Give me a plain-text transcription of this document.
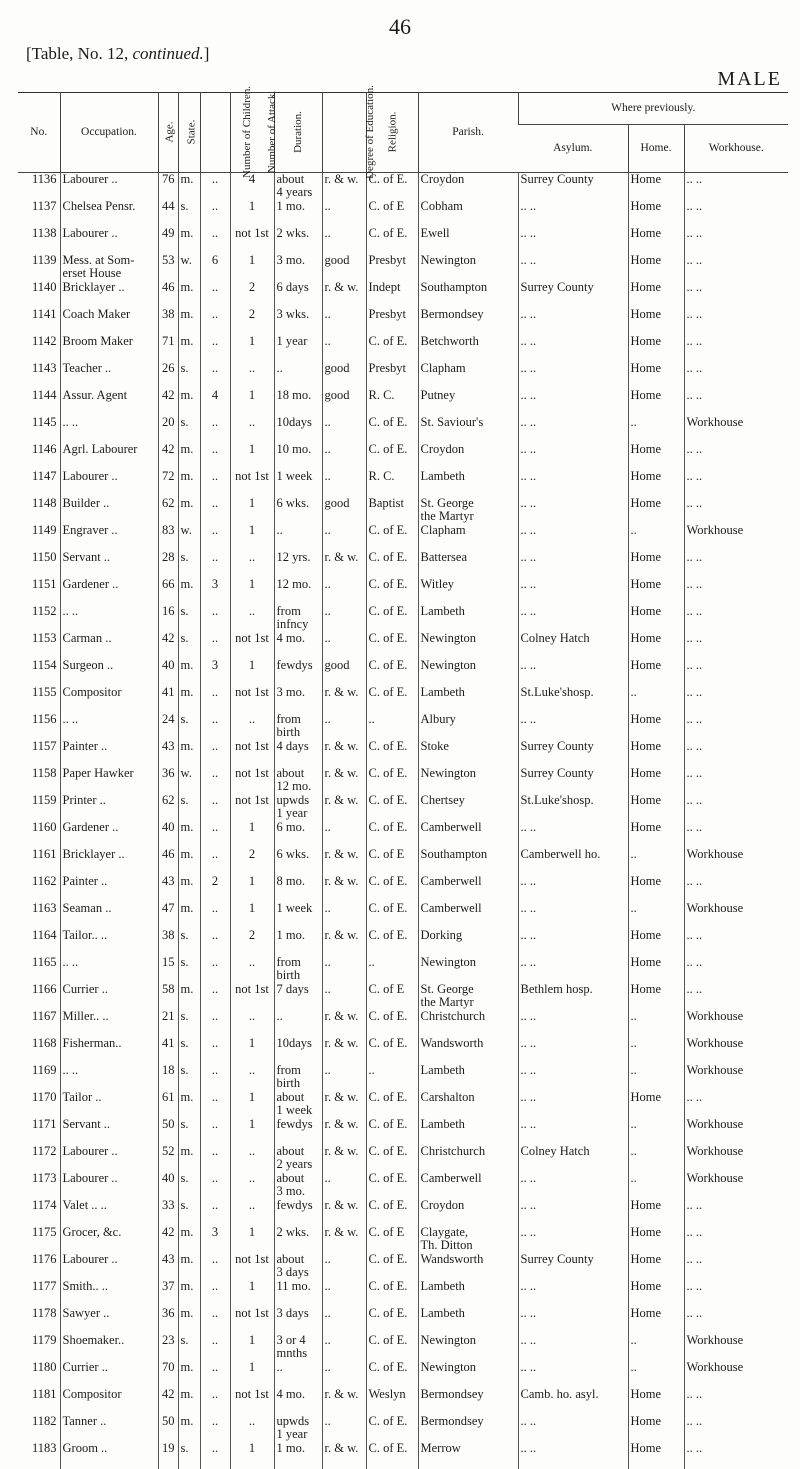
46
[Table, No. 12, continued.]
MALE
No.	Occupation.	Age.	State.	Number of Children.	Number of Attack.	Duration.	Degree of Education.	Religion.	Parish.	Where previously.		
										Asylum.	Home.	Workhouse.

1136	Labourer ..	76	m.	..	4	about
4 years	r. & w.	C. of E.	Croydon	Surrey County	Home	.. ..

1137	Chelsea Pensr.	44	s.	..	1	1 mo.	..	C. of E	Cobham	.. ..	Home	.. ..

1138	Labourer ..	49	m.	..	not 1st	2 wks.	..	C. of E.	Ewell	.. ..	Home	.. ..

1139	Mess. at Som-
erset House	53	w.	6	1	3 mo.	good	Presbyt	Newington	.. ..	Home	.. ..

1140	Bricklayer ..	46	m.	..	2	6 days	r. & w.	Indept	Southampton	Surrey County	Home	.. ..

1141	Coach Maker	38	m.	..	2	3 wks.	..	Presbyt	Bermondsey	.. ..	Home	.. ..

1142	Broom Maker	71	m.	..	1	1 year	..	C. of E.	Betchworth	.. ..	Home	.. ..

1143	Teacher ..	26	s.	..	..	..	good	Presbyt	Clapham	.. ..	Home	.. ..

1144	Assur. Agent	42	m.	4	1	18 mo.	good	R. C.	Putney	.. ..	Home	.. ..

1145	.. ..	20	s.	..	..	10days	..	C. of E.	St. Saviour's	.. ..	..	Workhouse

1146	Agrl. Labourer	42	m.	..	1	10 mo.	..	C. of E.	Croydon	.. ..	Home	.. ..

1147	Labourer ..	72	m.	..	not 1st	1 week	..	R. C.	Lambeth	.. ..	Home	.. ..

1148	Builder ..	62	m.	..	1	6 wks.	good	Baptist	St. George
the Martyr	.. ..	Home	.. ..

1149	Engraver ..	83	w.	..	1	..	..	C. of E.	Clapham	.. ..	..	Workhouse

1150	Servant ..	28	s.	..	..	12 yrs.	r. & w.	C. of E.	Battersea	.. ..	Home	.. ..

1151	Gardener ..	66	m.	3	1	12 mo.	..	C. of E.	Witley	.. ..	Home	.. ..

1152	.. ..	16	s.	..	..	from
infncy	..	C. of E.	Lambeth	.. ..	Home	.. ..

1153	Carman ..	42	s.	..	not 1st	4 mo.	..	C. of E.	Newington	Colney Hatch	Home	.. ..

1154	Surgeon ..	40	m.	3	1	fewdys	good	C. of E.	Newington	.. ..	Home	.. ..

1155	Compositor	41	m.	..	not 1st	3 mo.	r. & w.	C. of E.	Lambeth	St.Luke'shosp.	..	.. ..

1156	.. ..	24	s.	..	..	from
birth	..	..	Albury	.. ..	Home	.. ..

1157	Painter ..	43	m.	..	not 1st	4 days	r. & w.	C. of E.	Stoke	Surrey County	Home	.. ..

1158	Paper Hawker	36	w.	..	not 1st	about
12 mo.	r. & w.	C. of E.	Newington	Surrey County	Home	.. ..

1159	Printer ..	62	s.	..	not 1st	upwds
1 year	r. & w.	C. of E.	Chertsey	St.Luke'shosp.	Home	.. ..

1160	Gardener ..	40	m.	..	1	6 mo.	..	C. of E.	Camberwell	.. ..	Home	.. ..

1161	Bricklayer ..	46	m.	..	2	6 wks.	r. & w.	C. of E	Southampton	Camberwell ho.	..	Workhouse

1162	Painter ..	43	m.	2	1	8 mo.	r. & w.	C. of E.	Camberwell	.. ..	Home	.. ..

1163	Seaman ..	47	m.	..	1	1 week	..	C. of E.	Camberwell	.. ..	..	Workhouse

1164	Tailor.. ..	38	s.	..	2	1 mo.	r. & w.	C. of E.	Dorking	.. ..	Home	.. ..

1165	.. ..	15	s.	..	..	from
birth	..	..	Newington	.. ..	Home	.. ..

1166	Currier ..	58	m.	..	not 1st	7 days	..	C. of E	St. George
the Martyr	Bethlem hosp.	Home	.. ..

1167	Miller.. ..	21	s.	..	..	..	r. & w.	C. of E.	Christchurch	.. ..	..	Workhouse

1168	Fisherman..	41	s.	..	1	10days	r. & w.	C. of E.	Wandsworth	.. ..	..	Workhouse

1169	.. ..	18	s.	..	..	from
birth	..	..	Lambeth	.. ..	..	Workhouse

1170	Tailor ..	61	m.	..	1	about
1 week	r. & w.	C. of E.	Carshalton	.. ..	Home	.. ..

1171	Servant ..	50	s.	..	1	fewdys	r. & w.	C. of E.	Lambeth	.. ..	..	Workhouse

1172	Labourer ..	52	m.	..	..	about
2 years	r. & w.	C. of E.	Christchurch	Colney Hatch	..	Workhouse

1173	Labourer ..	40	s.	..	..	about
3 mo.	..	C. of E.	Camberwell	.. ..	..	Workhouse

1174	Valet .. ..	33	s.	..	..	fewdys	r. & w.	C. of E.	Croydon	.. ..	Home	.. ..

1175	Grocer, &c.	42	m.	3	1	2 wks.	r. & w.	C. of E	Claygate,
Th. Ditton	.. ..	Home	.. ..

1176	Labourer ..	43	m.	..	not 1st	about
3 days	..	C. of E.	Wandsworth	Surrey County	Home	.. ..

1177	Smith.. ..	37	m.	..	1	11 mo.	..	C. of E.	Lambeth	.. ..	Home	.. ..

1178	Sawyer ..	36	m.	..	not 1st	3 days	..	C. of E.	Lambeth	.. ..	Home	.. ..

1179	Shoemaker..	23	s.	..	1	3 or 4
mnths	..	C. of E.	Newington	.. ..	..	Workhouse

1180	Currier ..	70	m.	..	1	..	..	C. of E.	Newington	.. ..	..	Workhouse

1181	Compositor	42	m.	..	not 1st	4 mo.	r. & w.	Weslyn	Bermondsey	Camb. ho. asyl.	Home	.. ..

1182	Tanner ..	50	m.	..	..	upwds
1 year	..	C. of E.	Bermondsey	.. ..	Home	.. ..

1183	Groom ..	19	s.	..	1	1 mo.	r. & w.	C. of E.	Merrow	.. ..	Home	.. ..
